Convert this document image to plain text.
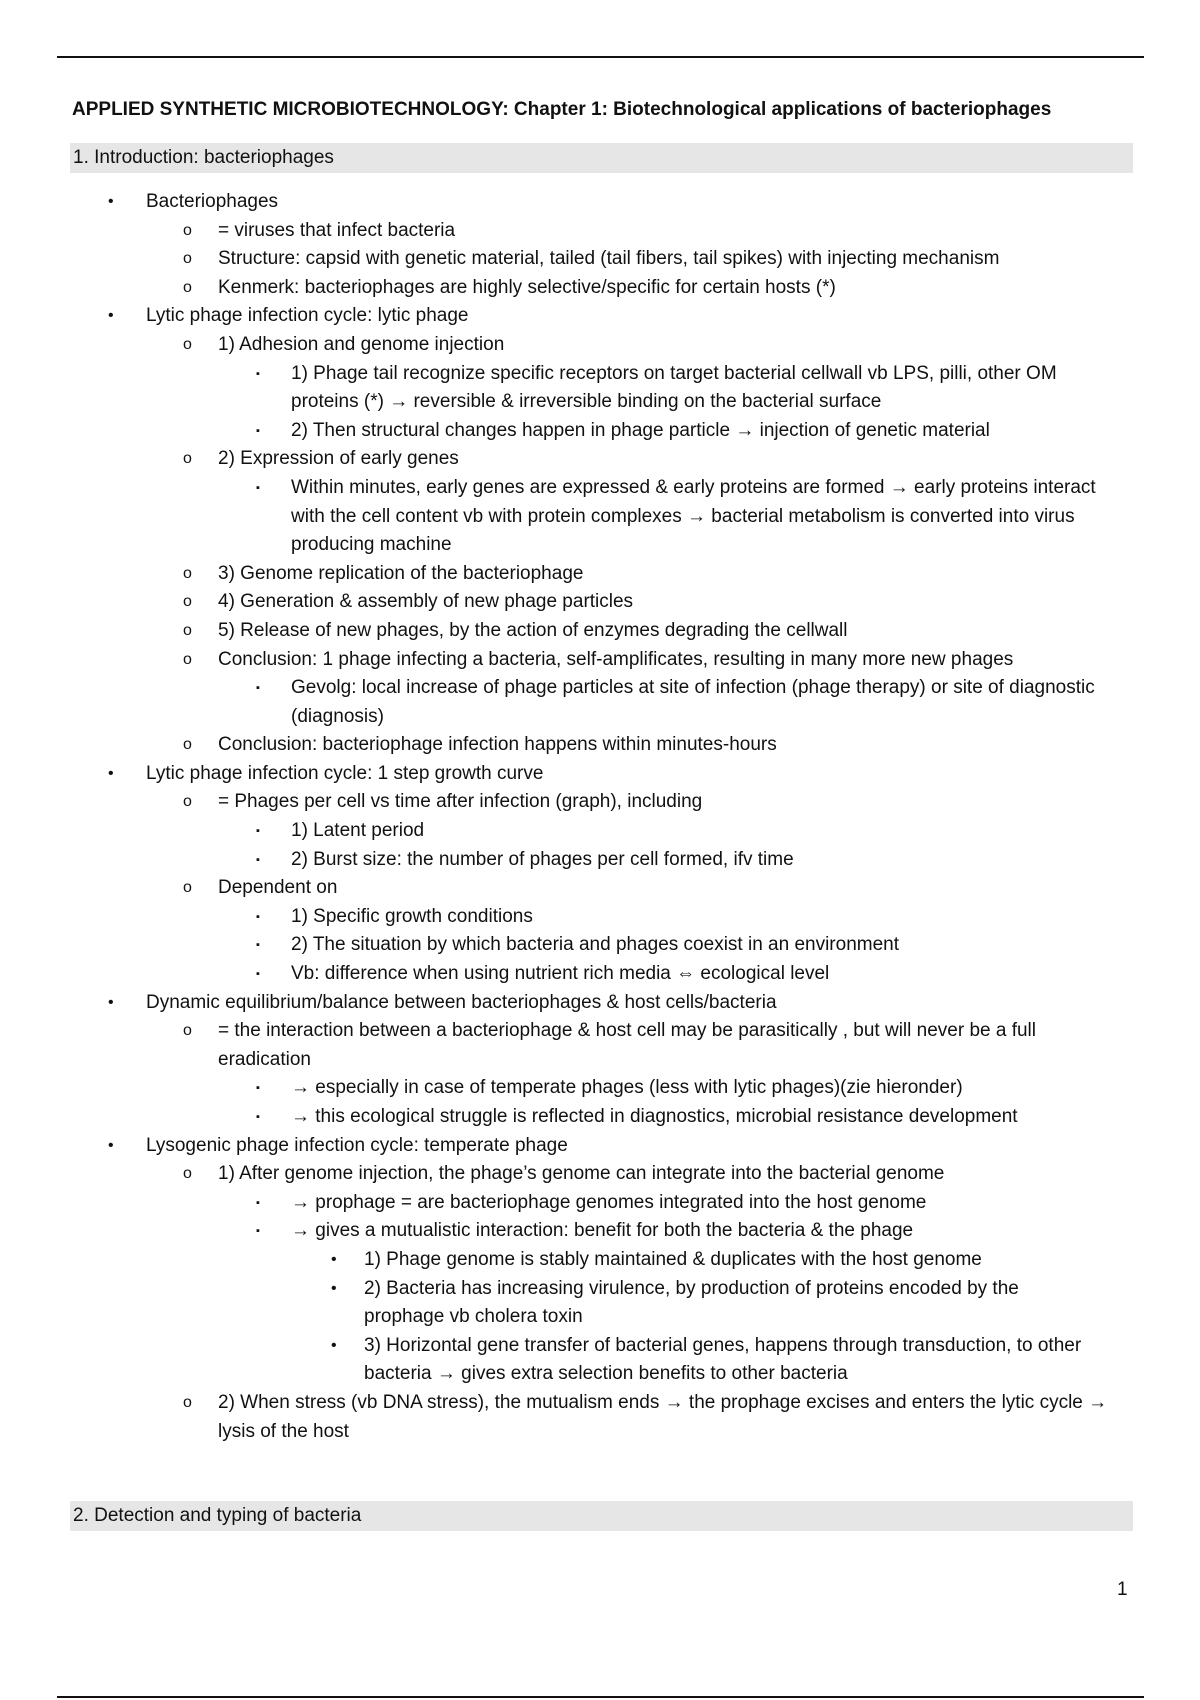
APPLIED SYNTHETIC MICROBIOTECHNOLOGY: Chapter 1: Biotechnological applications of bacteriophages
1. Introduction: bacteriophages
• Bacteriophages
o = viruses that infect bacteria
o Structure: capsid with genetic material, tailed (tail fibers, tail spikes) with injecting mechanism
o Kenmerk: bacteriophages are highly selective/specific for certain hosts (*)
• Lytic phage infection cycle: lytic phage
o 1) Adhesion and genome injection
▪ 1) Phage tail recognize specific receptors on target bacterial cellwall vb LPS, pilli, other OM proteins (*) → reversible & irreversible binding on the bacterial surface
▪ 2) Then structural changes happen in phage particle → injection of genetic material
o 2) Expression of early genes
▪ Within minutes, early genes are expressed & early proteins are formed → early proteins interact with the cell content vb with protein complexes → bacterial metabolism is converted into virus producing machine
o 3) Genome replication of the bacteriophage
o 4) Generation & assembly of new phage particles
o 5) Release of new phages, by the action of enzymes degrading the cellwall
o Conclusion: 1 phage infecting a bacteria, self-amplificates, resulting in many more new phages
▪ Gevolg: local increase of phage particles at site of infection (phage therapy) or site of diagnostic (diagnosis)
o Conclusion: bacteriophage infection happens within minutes-hours
• Lytic phage infection cycle: 1 step growth curve
o = Phages per cell vs time after infection (graph), including
▪ 1) Latent period
▪ 2) Burst size: the number of phages per cell formed, ifv time
o Dependent on
▪ 1) Specific growth conditions
▪ 2) The situation by which bacteria and phages coexist in an environment
▪ Vb: difference when using nutrient rich media ⇔ ecological level
• Dynamic equilibrium/balance between bacteriophages & host cells/bacteria
o = the interaction between a bacteriophage & host cell may be parasitically , but will never be a full eradication
▪ → especially in case of temperate phages (less with lytic phages)(zie hieronder)
▪ → this ecological struggle is reflected in diagnostics, microbial resistance development
• Lysogenic phage infection cycle: temperate phage
o 1) After genome injection, the phage’s genome can integrate into the bacterial genome
▪ → prophage = are bacteriophage genomes integrated into the host genome
▪ → gives a mutualistic interaction: benefit for both the bacteria & the phage
• 1) Phage genome is stably maintained & duplicates with the host genome
• 2) Bacteria has increasing virulence, by production of proteins encoded by the prophage vb cholera toxin
• 3) Horizontal gene transfer of bacterial genes, happens through transduction, to other bacteria → gives extra selection benefits to other bacteria
o 2) When stress (vb DNA stress), the mutualism ends → the prophage excises and enters the lytic cycle → lysis of the host
2. Detection and typing of bacteria
1
